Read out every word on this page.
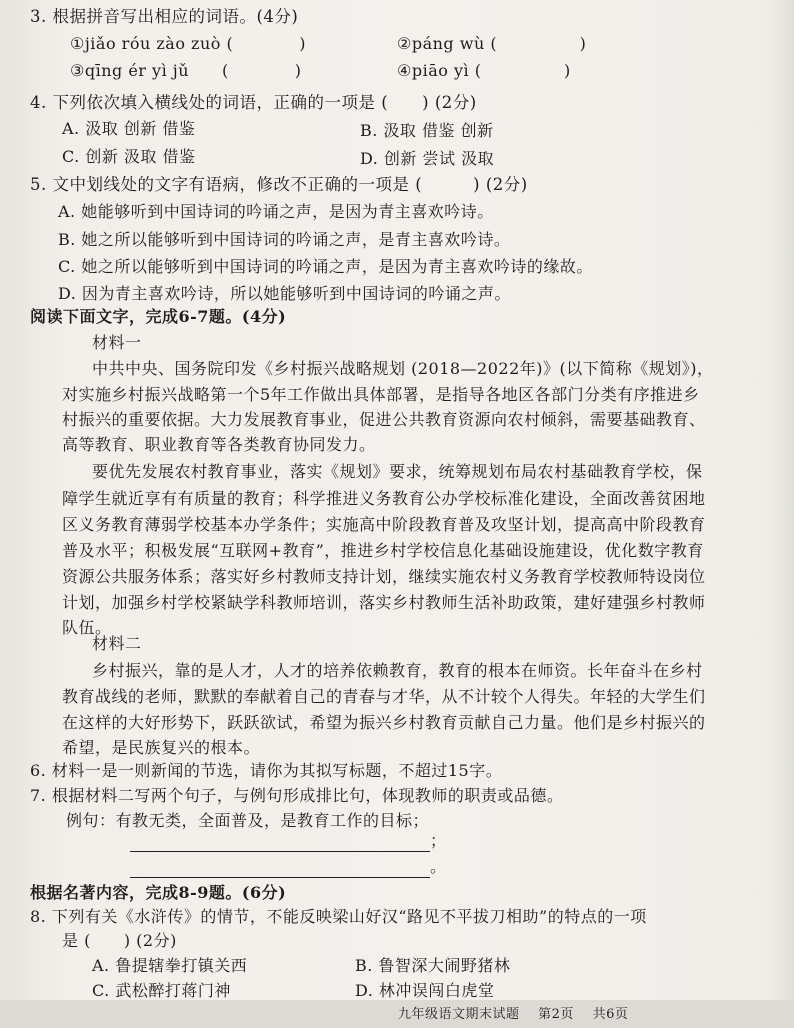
3. 根据拼音写出相应的词语。(4分)
①jiǎo róu zào zuò (　　　　)	②páng wù (　　　　　)
③qīng ér yì jǔ　　(　　　　)	④piāo yì (　　　　　)
4. 下列依次填入横线处的词语，正确的一项是 (　　) (2分)
A. 汲取 创新 借鉴	B. 汲取 借鉴 创新
C. 创新 汲取 借鉴	D. 创新 尝试 汲取
5. 文中划线处的文字有语病，修改不正确的一项是 (　　　) (2分)
A. 她能够听到中国诗词的吟诵之声，是因为青主喜欢吟诗。
B. 她之所以能够听到中国诗词的吟诵之声，是青主喜欢吟诗。
C. 她之所以能够听到中国诗词的吟诵之声，是因为青主喜欢吟诗的缘故。
D. 因为青主喜欢吟诗，所以她能够听到中国诗词的吟诵之声。
阅读下面文字，完成6-7题。(4分)
材料一
中共中央、国务院印发《乡村振兴战略规划 (2018—2022年)》(以下简称《规划》)，
对实施乡村振兴战略第一个5年工作做出具体部署，是指导各地区各部门分类有序推进乡
村振兴的重要依据。大力发展教育事业，促进公共教育资源向农村倾斜，需要基础教育、
高等教育、职业教育等各类教育协同发力。
要优先发展农村教育事业，落实《规划》要求，统筹规划布局农村基础教育学校，保
障学生就近享有有质量的教育；科学推进义务教育公办学校标准化建设，全面改善贫困地
区义务教育薄弱学校基本办学条件；实施高中阶段教育普及攻坚计划，提高高中阶段教育
普及水平；积极发展“互联网+教育”，推进乡村学校信息化基础设施建设，优化数字教育
资源公共服务体系；落实好乡村教师支持计划，继续实施农村义务教育学校教师特设岗位
计划，加强乡村学校紧缺学科教师培训，落实乡村教师生活补助政策，建好建强乡村教师
队伍。
材料二
乡村振兴，靠的是人才，人才的培养依赖教育，教育的根本在师资。长年奋斗在乡村
教育战线的老师，默默的奉献着自己的青春与才华，从不计较个人得失。年轻的大学生们
在这样的大好形势下，跃跃欲试，希望为振兴乡村教育贡献自己力量。他们是乡村振兴的
希望，是民族复兴的根本。
6. 材料一是一则新闻的节选，请你为其拟写标题，不超过15字。
7. 根据材料二写两个句子，与例句形成排比句，体现教师的职责或品德。
例句：有教无类，全面普及，是教育工作的目标；
根据名著内容，完成8-9题。(6分)
8. 下列有关《水浒传》的情节，不能反映梁山好汉“路见不平拔刀相助”的特点的一项
是 (　　) (2分)
A. 鲁提辖拳打镇关西	B. 鲁智深大闹野猪林
C. 武松醉打蒋门神	D. 林冲误闯白虎堂
；
。
九年级语文期末试题 第2页 共6页
